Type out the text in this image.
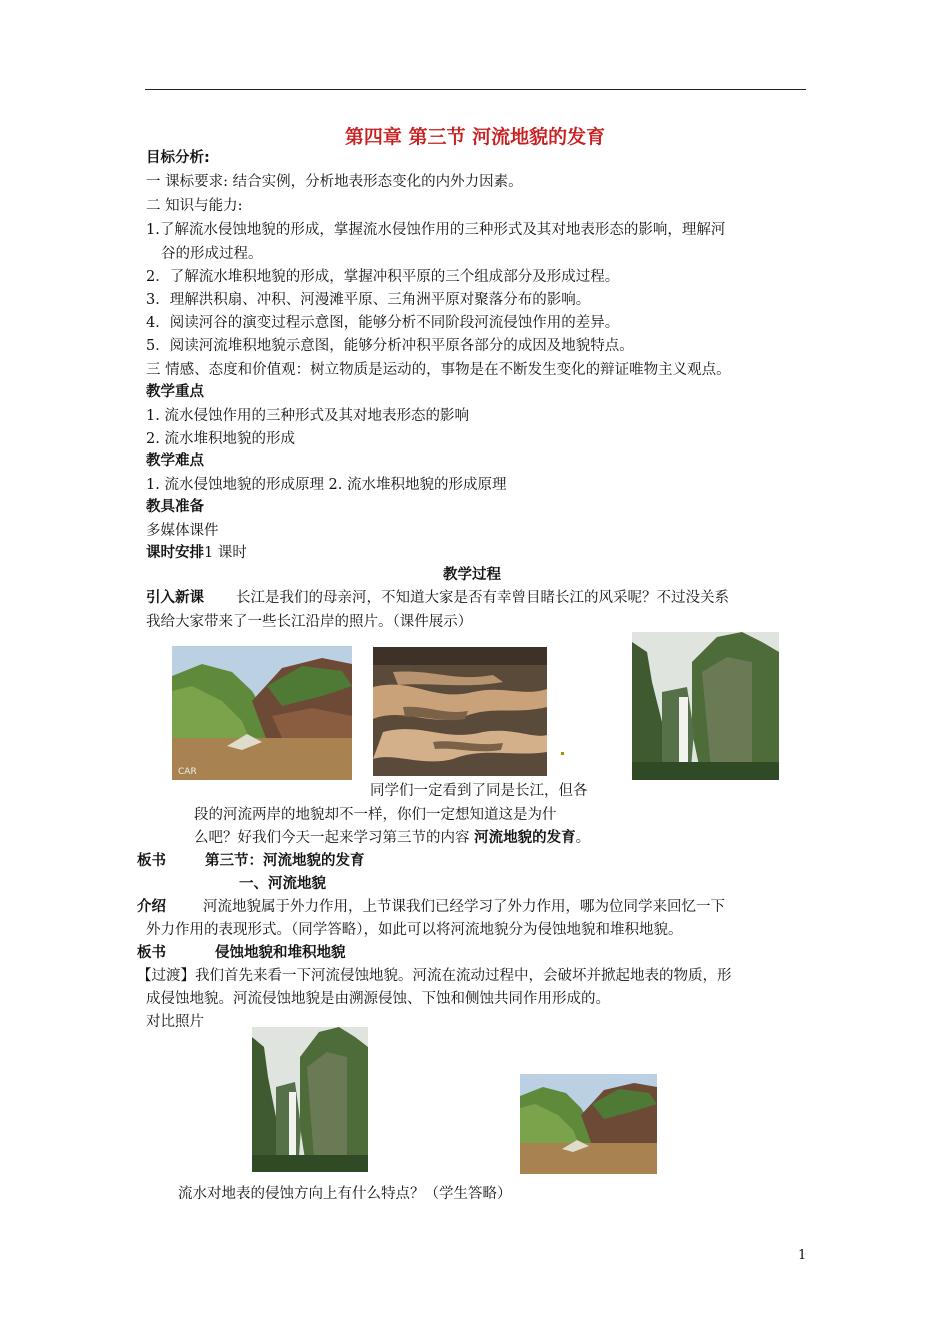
第四章 第三节 河流地貌的发育
目标分析:
一 课标要求: 结合实例，分析地表形态变化的内外力因素。
二 知识与能力:
1.了解流水侵蚀地貌的形成，掌握流水侵蚀作用的三种形式及其对地表形态的影响，理解河
谷的形成过程。
2．了解流水堆积地貌的形成，掌握冲积平原的三个组成部分及形成过程。
3．理解洪积扇、冲积、河漫滩平原、三角洲平原对聚落分布的影响。
4．阅读河谷的演变过程示意图，能够分析不同阶段河流侵蚀作用的差异。
5．阅读河流堆积地貌示意图，能够分析冲积平原各部分的成因及地貌特点。
三 情感、态度和价值观：树立物质是运动的，事物是在不断发生变化的辩证唯物主义观点。
教学重点
1. 流水侵蚀作用的三种形式及其对地表形态的影响
2. 流水堆积地貌的形成
教学难点
1. 流水侵蚀地貌的形成原理 2. 流水堆积地貌的形成原理
教具准备
多媒体课件
课时安排1 课时
教学过程
引入新课 长江是我们的母亲河，不知道大家是否有幸曾目睹长江的风采呢？不过没关系
我给大家带来了一些长江沿岸的照片。（课件展示）
CAR
同学们一定看到了同是长江，但各
段的河流两岸的地貌却不一样，你们一定想知道这是为什
么吧？好我们今天一起来学习第三节的内容 河流地貌的发育。
板书	第三节：河流地貌的发育
一、河流地貌
介绍	河流地貌属于外力作用，上节课我们已经学习了外力作用，哪为位同学来回忆一下
外力作用的表现形式。（同学答略），如此可以将河流地貌分为侵蚀地貌和堆积地貌。
板书	侵蚀地貌和堆积地貌
【过渡】我们首先来看一下河流侵蚀地貌。河流在流动过程中，会破坏并掀起地表的物质，形
成侵蚀地貌。河流侵蚀地貌是由溯源侵蚀、下蚀和侧蚀共同作用形成的。
对比照片
流水对地表的侵蚀方向上有什么特点？（学生答略）
1
